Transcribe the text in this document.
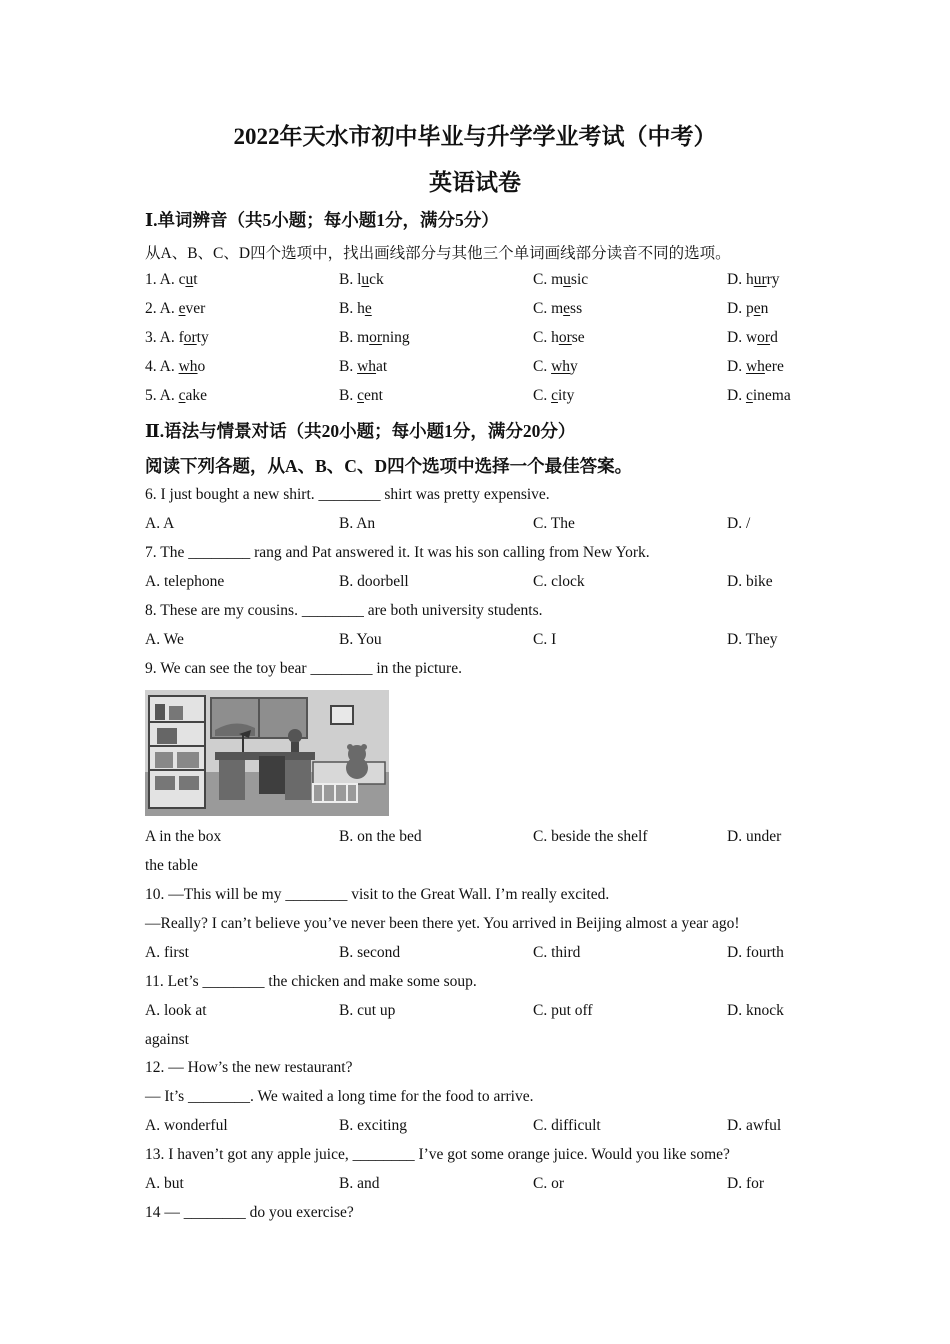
2022年天水市初中毕业与升学学业考试（中考）
英语试卷
Ⅰ.单词辨音（共5小题；每小题1分，满分5分）
从A、B、C、D四个选项中，找出画线部分与其他三个单词画线部分读音不同的选项。
1. A. cut	B. luck	C. music	D. hurry
2. A. ever	B. he	C. mess	D. pen
3. A. forty	B. morning	C. horse	D. word
4. A. who	B. what	C. why	D. where
5. A. cake	B. cent	C. city	D. cinema
Ⅱ.语法与情景对话（共20小题；每小题1分，满分20分）
阅读下列各题，从A、B、C、D四个选项中选择一个最佳答案。
6. I just bought a new shirt. ________ shirt was pretty expensive.
A. A	B. An	C. The	D. /
7. The ________ rang and Pat answered it. It was his son calling from New York.
A. telephone	B. doorbell	C. clock	D. bike
8. These are my cousins. ________ are both university students.
A. We	B. You	C. I	D. They
9. We can see the toy bear ________ in the picture.
A in the box	B. on the bed	C. beside the shelf	D. under
the table
10. —This will be my ________ visit to the Great Wall. I’m really excited.
—Really? I can’t believe you’ve never been there yet. You arrived in Beijing almost a year ago!
A. first	B. second	C. third	D. fourth
11. Let’s ________ the chicken and make some soup.
A. look at	B. cut up	C. put off	D. knock
against
12. — How’s the new restaurant?
— It’s ________. We waited a long time for the food to arrive.
A. wonderful	B. exciting	C. difficult	D. awful
13. I haven’t got any apple juice, ________ I’ve got some orange juice. Would you like some?
A. but	B. and	C. or	D. for
14 — ________ do you exercise?
